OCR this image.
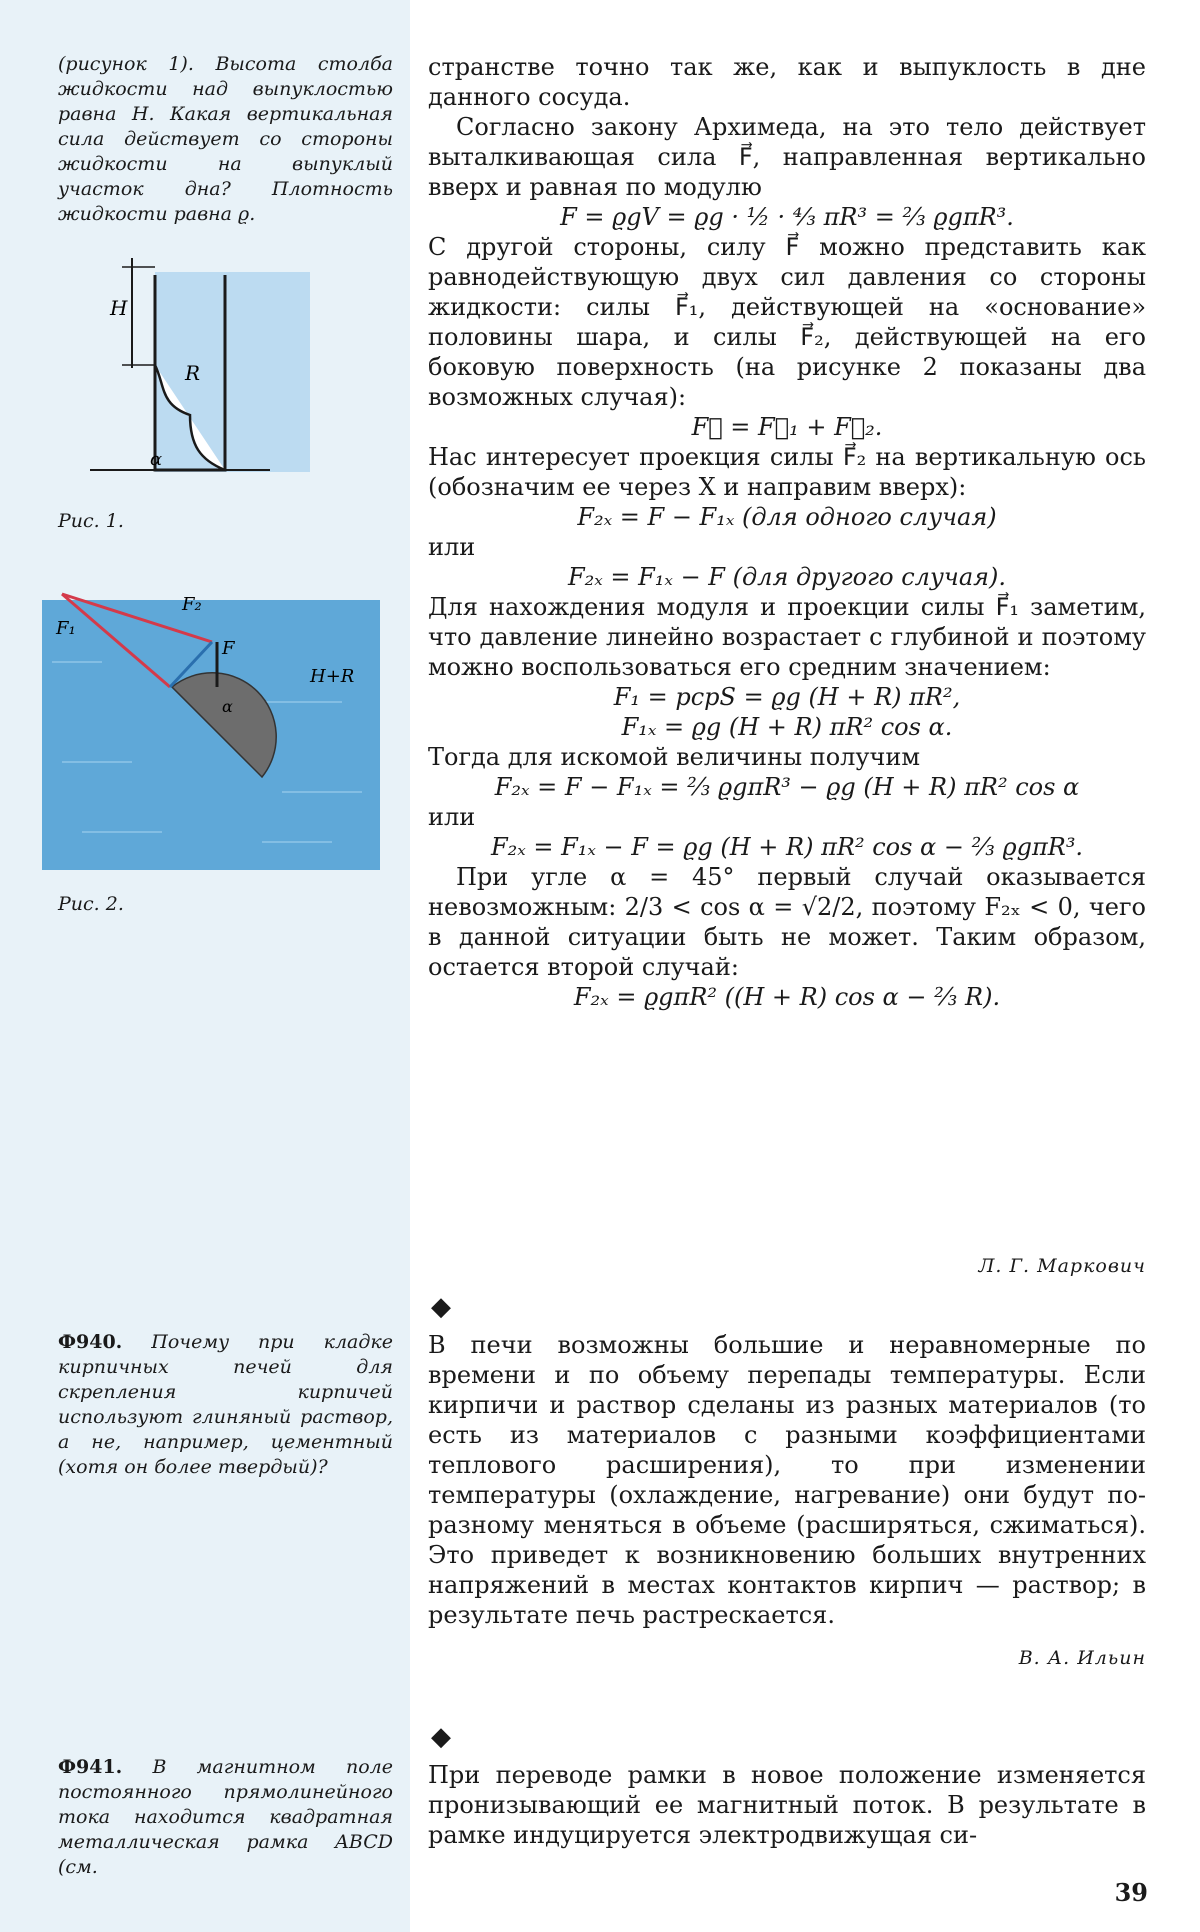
(рисунок 1). Высота столба жидкости над выпуклостью равна H. Какая вертикальная сила действует со стороны жидкости на выпуклый участок дна? Плотность жидкости равна ϱ.
H
R
α
Рис. 1.
F₁
F₂
F
H+R
α
Рис. 2.
Ф940. Почему при кладке кирпичных печей для скрепления кирпичей используют глиняный раствор, а не, например, цементный (хотя он более твердый)?
Ф941. В магнитном поле постоянного прямолинейного тока находится квадратная металлическая рамка ABCD (см.

странстве точно так же, как и выпуклость в дне данного сосуда.

Согласно закону Архимеда, на это тело действует выталкивающая сила F⃗, направленная вертикально вверх и равная по модулю

F = ϱgV = ϱg · ½ · ⁴⁄₃ πR³ = ⅔ ϱgπR³.

С другой стороны, силу F⃗ можно представить как равнодействующую двух сил давления со стороны жидкости: силы F⃗₁, действующей на «основание» половины шара, и силы F⃗₂, действующей на его боковую поверхность (на рисунке 2 показаны два возможных случая):

F⃗ = F⃗₁ + F⃗₂.

Нас интересует проекция силы F⃗₂ на вертикальную ось (обозначим ее через X и направим вверх):

F₂ₓ = F − F₁ₓ (для одного случая)

или

F₂ₓ = F₁ₓ − F (для другого случая).

Для нахождения модуля и проекции силы F⃗₁ заметим, что давление линейно возрастает с глубиной и поэтому можно воспользоваться его средним значением:

F₁ = pсрS = ϱg (H + R) πR²,

F₁ₓ = ϱg (H + R) πR² cos α.

Тогда для искомой величины получим

F₂ₓ = F − F₁ₓ = ⅔ ϱgπR³ − ϱg (H + R) πR² cos α

или

F₂ₓ = F₁ₓ − F = ϱg (H + R) πR² cos α − ⅔ ϱgπR³.

При угле α = 45° первый случай оказывается невозможным: 2/3 < cos α = √2/2, поэтому F₂ₓ < 0, чего в данной ситуации быть не может. Таким образом, остается второй случай:

F₂ₓ = ϱgπR² ((H + R) cos α − ⅔ R).

Л. Г. Маркович
◆

В печи возможны большие и неравномерные по времени и по объему перепады температуры. Если кирпичи и раствор сделаны из разных материалов (то есть из материалов с разными коэффициентами теплового расширения), то при изменении температуры (охлаждение, нагревание) они будут по-разному меняться в объеме (расширяться, сжиматься). Это приведет к возникновению больших внутренних напряжений в местах контактов кирпич — раствор; в результате печь растрескается.

В. А. Ильин
◆

При переводе рамки в новое положение изменяется пронизывающий ее магнитный поток. В результате в рамке индуцируется электродвижущая си-

39
